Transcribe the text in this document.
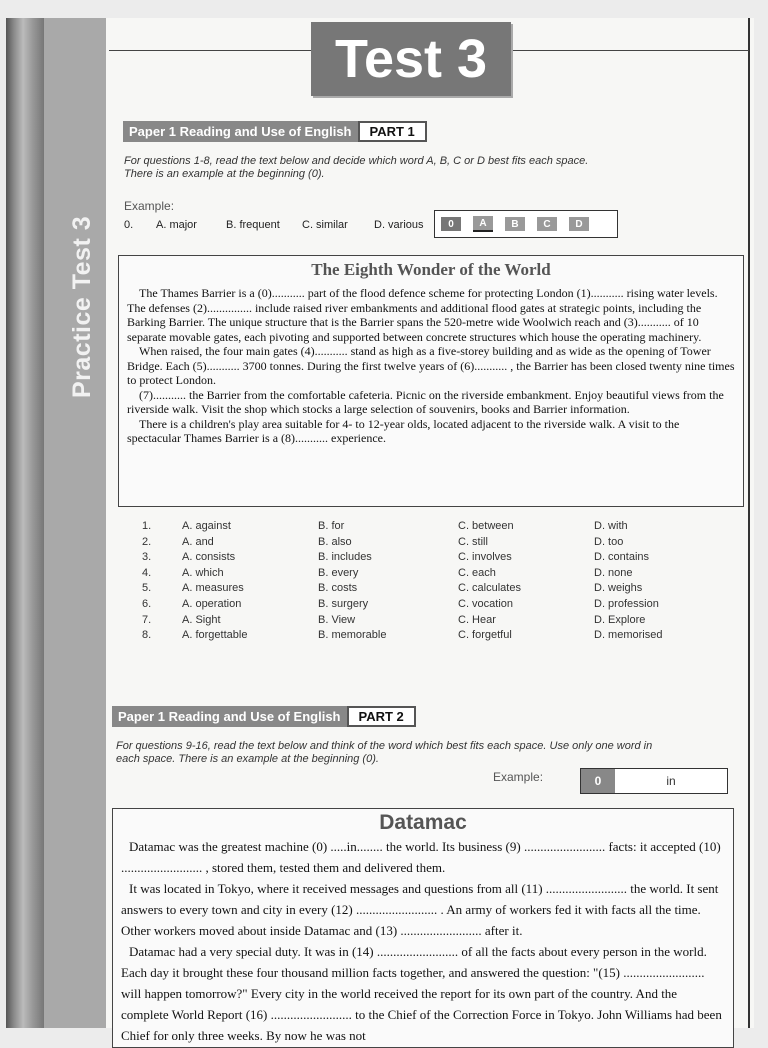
Practice Test 3
Test 3
Paper 1 Reading and Use of English	PART 1
For questions 1-8, read the text below and decide which word A, B, C or D best fits each space.
There is an example at the beginning (0).
Example:
0. A. major	B. frequent C. similar D. various	0	A	B	C	D
The Eighth Wonder of the World

The Thames Barrier is a (0)........... part of the flood defence scheme for protecting London (1)........... rising water levels. The defenses (2)............... include raised river embankments and additional flood gates at strategic points, including the Barking Barrier. The unique structure that is the Barrier spans the 520-metre wide Woolwich reach and (3)........... of 10 separate movable gates, each pivoting and supported between concrete structures which house the operating machinery.

When raised, the four main gates (4)........... stand as high as a five-storey building and as wide as the opening of Tower Bridge. Each (5)........... 3700 tonnes. During the first twelve years of (6)........... , the Barrier has been closed twenty nine times to protect London.

(7)........... the Barrier from the comfortable cafeteria. Picnic on the riverside embankment. Enjoy beautiful views from the riverside walk. Visit the shop which stocks a large selection of souvenirs, books and Barrier information.

There is a children's play area suitable for 4- to 12-year olds, located adjacent to the riverside walk. A visit to the spectacular Thames Barrier is a (8)........... experience.

1.	A. against	B. for	C. between	D. with
2.	A. and	B. also	C. still	D. too
3.	A. consists	B. includes	C. involves	D. contains
4.	A. which	B. every	C. each	D. none
5.	A. measures	B. costs	C. calculates	D. weighs
6.	A. operation	B. surgery	C. vocation	D. profession
7.	A. Sight	B. View	C. Hear	D. Explore
8.	A. forgettable	B. memorable	C. forgetful	D. memorised
Paper 1 Reading and Use of English	PART 2
For questions 9-16, read the text below and think of the word which best fits each space. Use only one word in
each space. There is an example at the beginning (0).
Example:	0	in
Datamac

Datamac was the greatest machine (0) .....in........ the world. Its business (9) ......................... facts: it accepted (10) ......................... , stored them, tested them and delivered them.

It was located in Tokyo, where it received messages and questions from all (11) ......................... the world. It sent answers to every town and city in every (12) ......................... . An army of workers fed it with facts all the time. Other workers moved about inside Datamac and (13) ......................... after it.

Datamac had a very special duty. It was in (14) ......................... of all the facts about every person in the world. Each day it brought these four thousand million facts together, and answered the question: "(15) ......................... will happen tomorrow?" Every city in the world received the report for its own part of the country. And the complete World Report (16) ......................... to the Chief of the Correction Force in Tokyo. John Williams had been Chief for only three weeks. By now he was not
